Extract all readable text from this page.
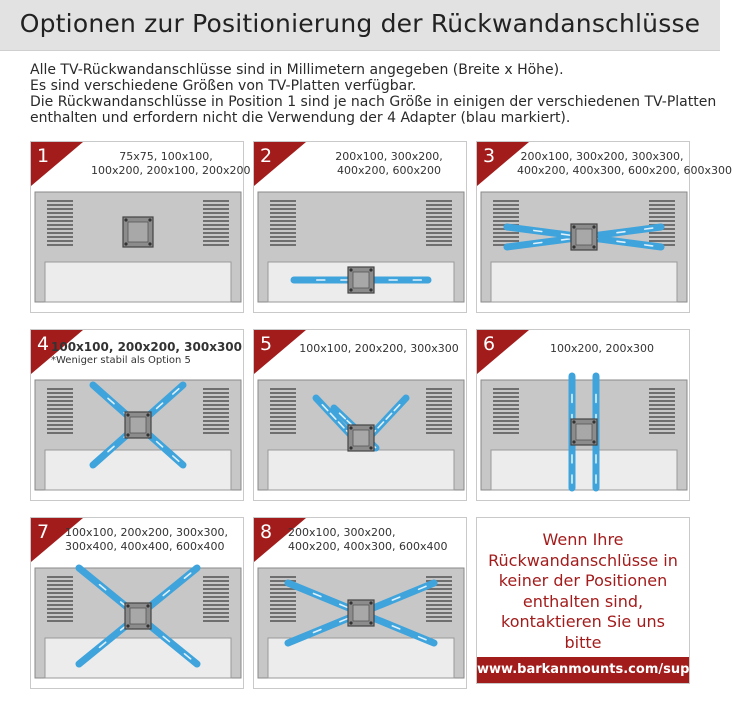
Optionen zur Positionierung der Rückwandanschlüsse
Alle TV-Rückwandanschlüsse sind in Millimetern angegeben (Breite x Höhe).
Es sind verschiedene Größen von TV-Platten verfügbar.
Die Rückwandanschlüsse in Position 1 sind je nach Größe in einigen der verschiedenen TV-Platten
enthalten und erfordern nicht die Verwendung der 4 Adapter (blau markiert).
1	75x75, 100x100,
100x200, 200x100, 200x200
2	200x100, 300x200,
400x200, 600x200
3	200x100, 300x200, 300x300,
400x200, 400x300, 600x200, 600x300
4 100x100, 200x200, 300x300
*Weniger stabil als Option 5
5	100x100, 200x200, 300x300 6	100x200, 200x300
7 100x100, 200x200, 300x300,
300x400, 400x400, 600x400
8 200x100, 300x200,
400x200, 400x300, 600x400	Wenn Ihre Rückwandanschlüsse in keiner der Positionen enthalten sind, kontaktieren Sie uns bitte
www.barkanmounts.com/support
